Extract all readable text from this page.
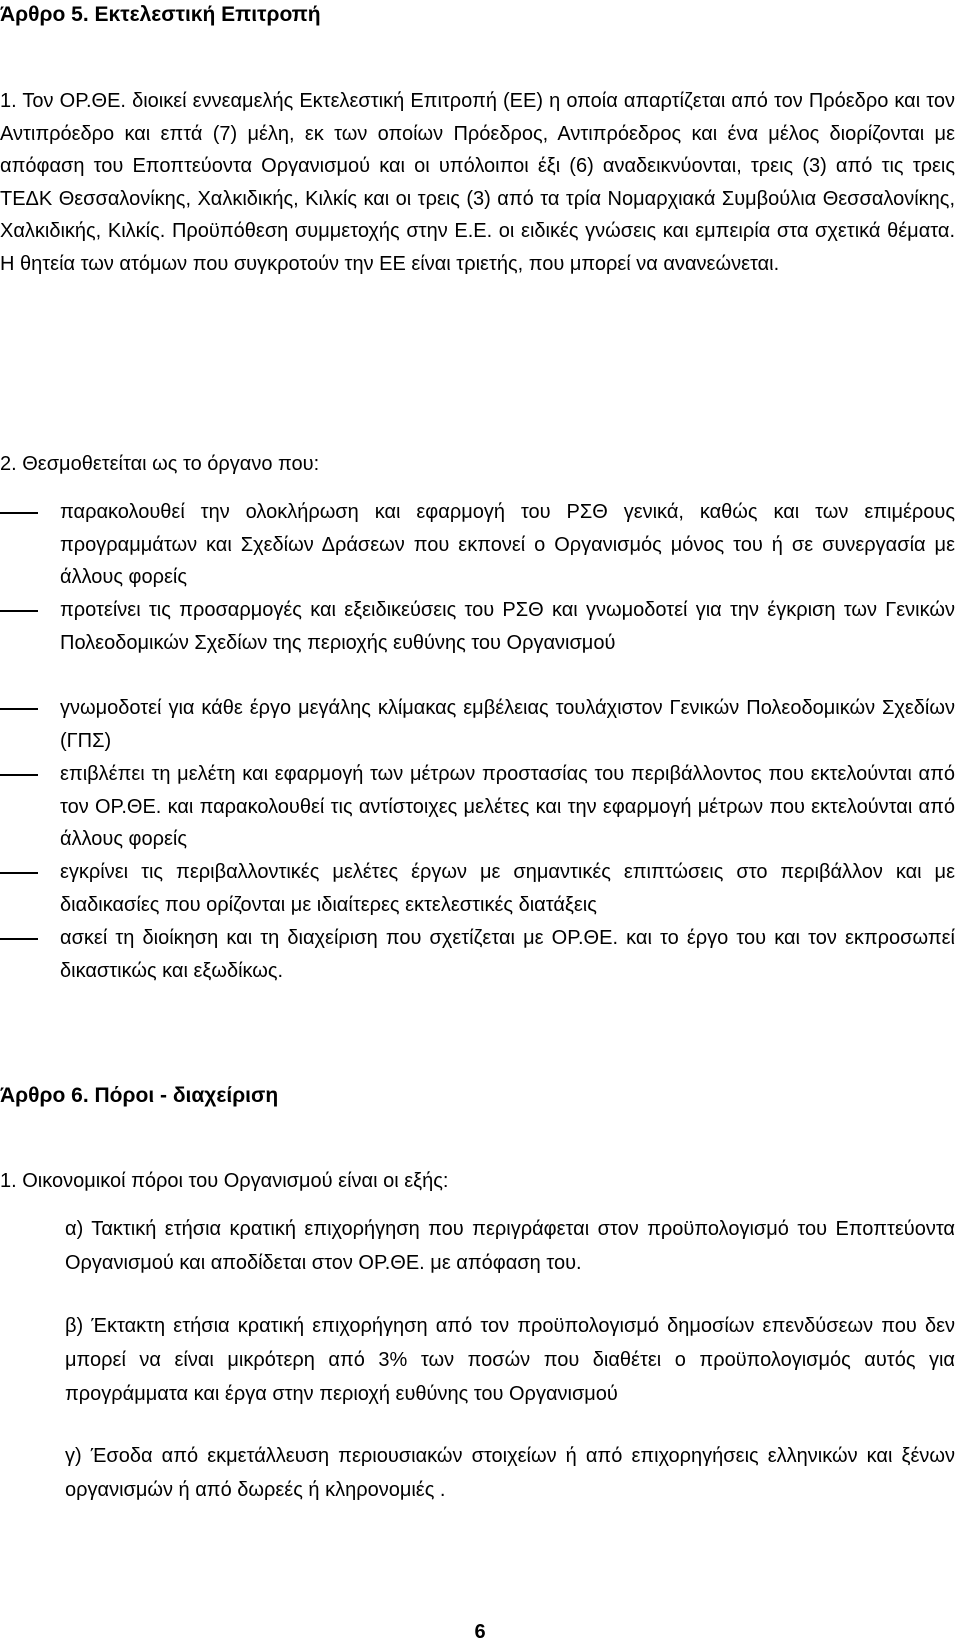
Άρθρο 5. Εκτελεστική Επιτροπή
1. Τον ΟΡ.ΘΕ. διοικεί εννεαμελής Εκτελεστική Επιτροπή (ΕΕ) η οποία απαρτίζεται από τον Πρόεδρο και τον Αντιπρόεδρο και επτά (7) μέλη, εκ των οποίων Πρόεδρος, Αντιπρόεδρος και ένα μέλος διορίζονται με απόφαση του Εποπτεύοντα Οργανισμού και οι υπόλοιποι έξι (6) αναδεικνύονται, τρεις (3) από τις τρεις ΤΕΔΚ Θεσσαλονίκης, Χαλκιδικής, Κιλκίς και οι τρεις (3) από τα τρία Νομαρχιακά Συμβούλια Θεσσαλονίκης, Χαλκιδικής, Κιλκίς. Προϋπόθεση συμμετοχής στην Ε.Ε. οι ειδικές γνώσεις και εμπειρία στα σχετικά θέματα. Η θητεία των ατόμων που συγκροτούν την ΕΕ είναι τριετής, που μπορεί να ανανεώνεται.
2. Θεσμοθετείται ως το όργανο που:
παρακολουθεί την ολοκλήρωση και εφαρμογή του ΡΣΘ γενικά, καθώς και των επιμέρους προγραμμάτων και Σχεδίων Δράσεων που εκπονεί ο Οργανισμός μόνος του ή σε συνεργασία με άλλους φορείς
προτείνει τις προσαρμογές και εξειδικεύσεις του ΡΣΘ και γνωμοδοτεί για την έγκριση των Γενικών Πολεοδομικών Σχεδίων της περιοχής ευθύνης του Οργανισμού
γνωμοδοτεί για κάθε έργο μεγάλης κλίμακας εμβέλειας τουλάχιστον Γενικών Πολεοδομικών Σχεδίων (ΓΠΣ)
επιβλέπει τη μελέτη και εφαρμογή των μέτρων προστασίας του περιβάλλοντος που εκτελούνται από τον ΟΡ.ΘΕ. και παρακολουθεί τις αντίστοιχες μελέτες και την εφαρμογή μέτρων που εκτελούνται από άλλους φορείς
εγκρίνει τις περιβαλλοντικές μελέτες έργων με σημαντικές επιπτώσεις στο περιβάλλον και με διαδικασίες που ορίζονται με ιδιαίτερες εκτελεστικές διατάξεις
ασκεί τη διοίκηση και τη διαχείριση που σχετίζεται με ΟΡ.ΘΕ. και το έργο του και τον εκπροσωπεί δικαστικώς και εξωδίκως.
Άρθρο 6. Πόροι - διαχείριση
1. Οικονομικοί πόροι του Οργανισμού είναι οι εξής:
α) Τακτική ετήσια κρατική επιχορήγηση που περιγράφεται στον προϋπολογισμό του Εποπτεύοντα Οργανισμού και αποδίδεται στον ΟΡ.ΘΕ. με απόφαση του.
β) Έκτακτη ετήσια κρατική επιχορήγηση από τον προϋπολογισμό δημοσίων επενδύσεων που δεν μπορεί να είναι μικρότερη από 3% των ποσών που διαθέτει ο προϋπολογισμός αυτός για προγράμματα και έργα στην περιοχή ευθύνης του Οργανισμού
γ) Έσοδα από εκμετάλλευση περιουσιακών στοιχείων ή από επιχορηγήσεις ελληνικών και ξένων οργανισμών ή από δωρεές ή κληρονομιές .
6
